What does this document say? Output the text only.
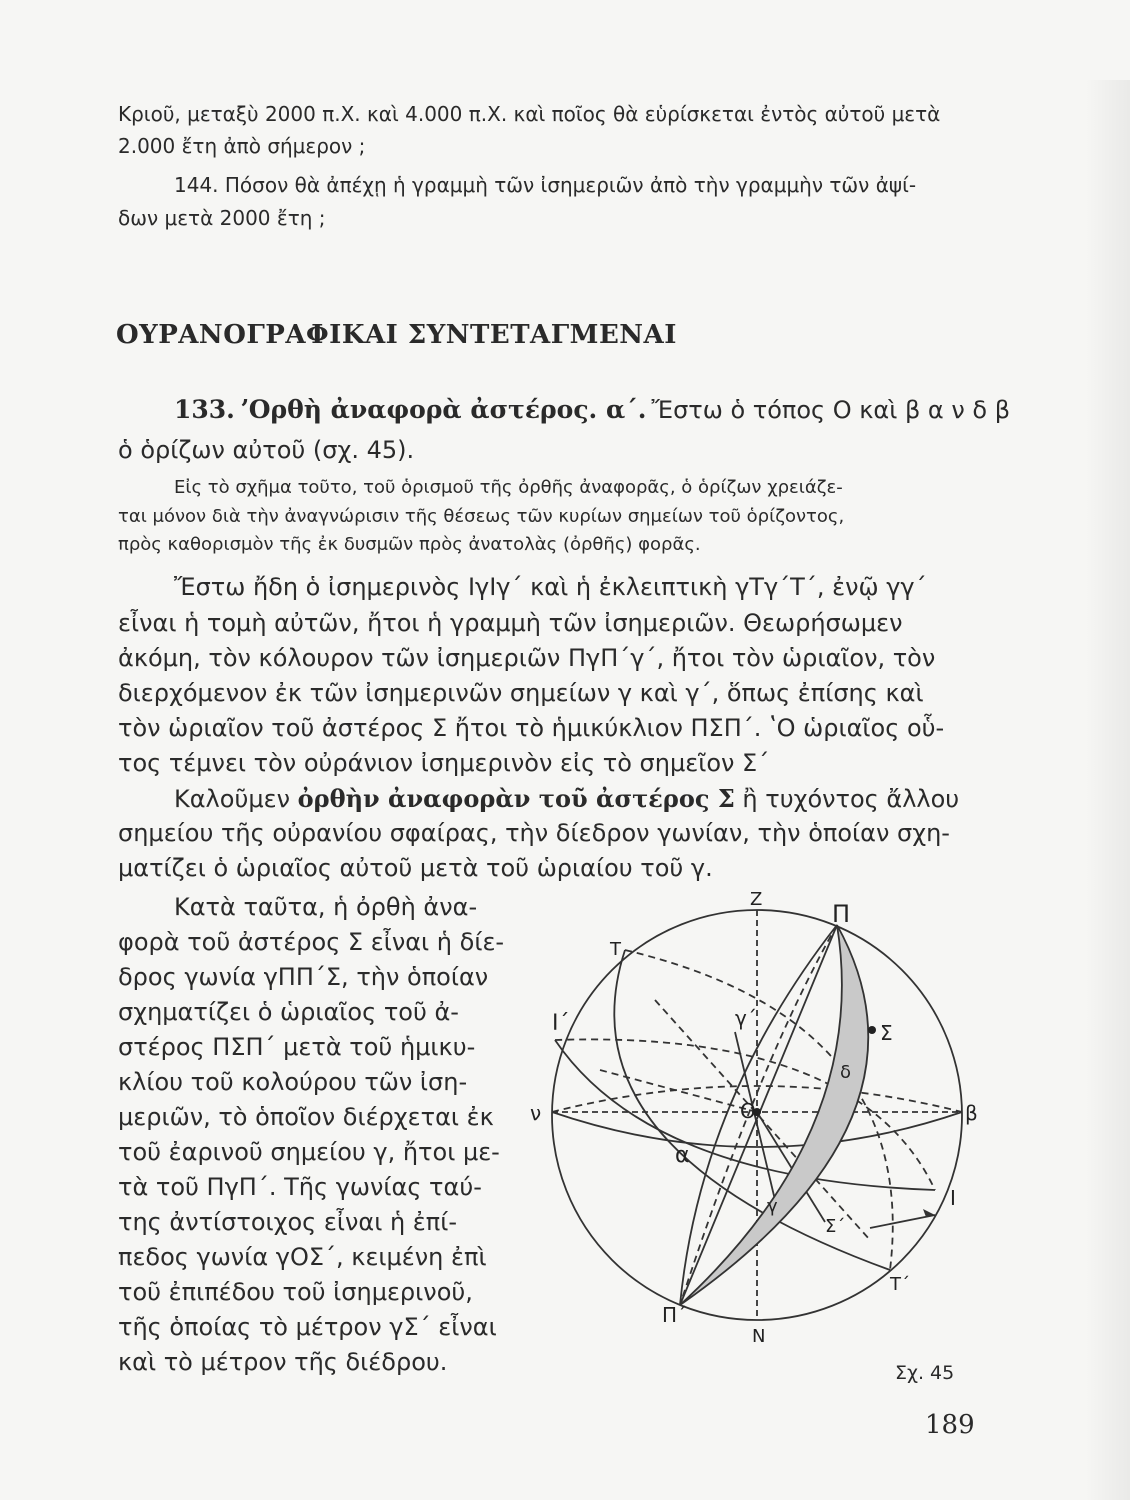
Κριοῦ, μεταξὺ 2000 π.Χ. καὶ 4.000 π.Χ. καὶ ποῖος θὰ εὑρίσκεται ἐντὸς αὐτοῦ μετὰ
2.000 ἔτη ἀπὸ σήμερον ;
144. Πόσον θὰ ἀπέχῃ ἡ γραμμὴ τῶν ἰσημεριῶν ἀπὸ τὴν γραμμὴν τῶν ἀψί-
δων μετὰ 2000 ἔτη ;
ΟΥΡΑΝΟΓΡΑΦΙΚΑΙ ΣΥΝΤΕΤΑΓΜΕΝΑΙ
133. ʼΟρθὴ ἀναφορὰ ἀστέρος. α΄. Ἔστω ὁ τόπος Ο καὶ β α ν δ β
ὁ ὁρίζων αὐτοῦ (σχ. 45).
Εἰς τὸ σχῆμα τοῦτο, τοῦ ὁρισμοῦ τῆς ὀρθῆς ἀναφορᾶς, ὁ ὁρίζων χρειάζε-
ται μόνον διὰ τὴν ἀναγνώρισιν τῆς θέσεως τῶν κυρίων σημείων τοῦ ὁρίζοντος,
πρὸς καθορισμὸν τῆς ἐκ δυσμῶν πρὸς ἀνατολὰς (ὀρθῆς) φορᾶς.
Ἔστω ἤδη ὁ ἰσημερινὸς ΙγΙγ΄ καὶ ἡ ἐκλειπτικὴ γΤγ΄Τ΄, ἐνῷ γγ΄
εἶναι ἡ τομὴ αὐτῶν, ἤτοι ἡ γραμμὴ τῶν ἰσημεριῶν. Θεωρήσωμεν
ἀκόμη, τὸν κόλουρον τῶν ἰσημεριῶν ΠγΠ΄γ΄, ἤτοι τὸν ὡριαῖον, τὸν
διερχόμενον ἐκ τῶν ἰσημερινῶν σημείων γ καὶ γ΄, ὅπως ἐπίσης καὶ
τὸν ὡριαῖον τοῦ ἀστέρος Σ ἤτοι τὸ ἡμικύκλιον ΠΣΠ΄. ʽΟ ὡριαῖος οὗ-
τος τέμνει τὸν οὐράνιον ἰσημερινὸν εἰς τὸ σημεῖον Σ΄
Καλοῦμεν ὀρθὴν ἀναφορὰν τοῦ ἀστέρος Σ ἢ τυχόντος ἄλλου
σημείου τῆς οὐρανίου σφαίρας, τὴν δίεδρον γωνίαν, τὴν ὁποίαν σχη-
ματίζει ὁ ὡριαῖος αὐτοῦ μετὰ τοῦ ὡριαίου τοῦ γ.
Κατὰ ταῦτα, ἡ ὀρθὴ ἀνα-
φορὰ τοῦ ἀστέρος Σ εἶναι ἡ δίε-
δρος γωνία γΠΠ΄Σ, τὴν ὁποίαν
σχηματίζει ὁ ὡριαῖος τοῦ ἀ-
στέρος ΠΣΠ΄ μετὰ τοῦ ἡμικυ-
κλίου τοῦ κολούρου τῶν ἰση-
μεριῶν, τὸ ὁποῖον διέρχεται ἐκ
τοῦ ἐαρινοῦ σημείου γ, ἤτοι με-
τὰ τοῦ ΠγΠ΄. Τῆς γωνίας ταύ-
της ἀντίστοιχος εἶναι ἡ ἐπί-
πεδος γωνία γΟΣ΄, κειμένη ἐπὶ
τοῦ ἐπιπέδου τοῦ ἰσημερινοῦ,
τῆς ὁποίας τὸ μέτρον γΣ΄ εἶναι
καὶ τὸ μέτρον τῆς διέδρου.
Z
Π
T
Ι΄	γ΄
Σ
δ
ν	O	β
α
γ	Ι
Σ΄
Τ΄
Π΄
Ν
Σχ. 45
189
